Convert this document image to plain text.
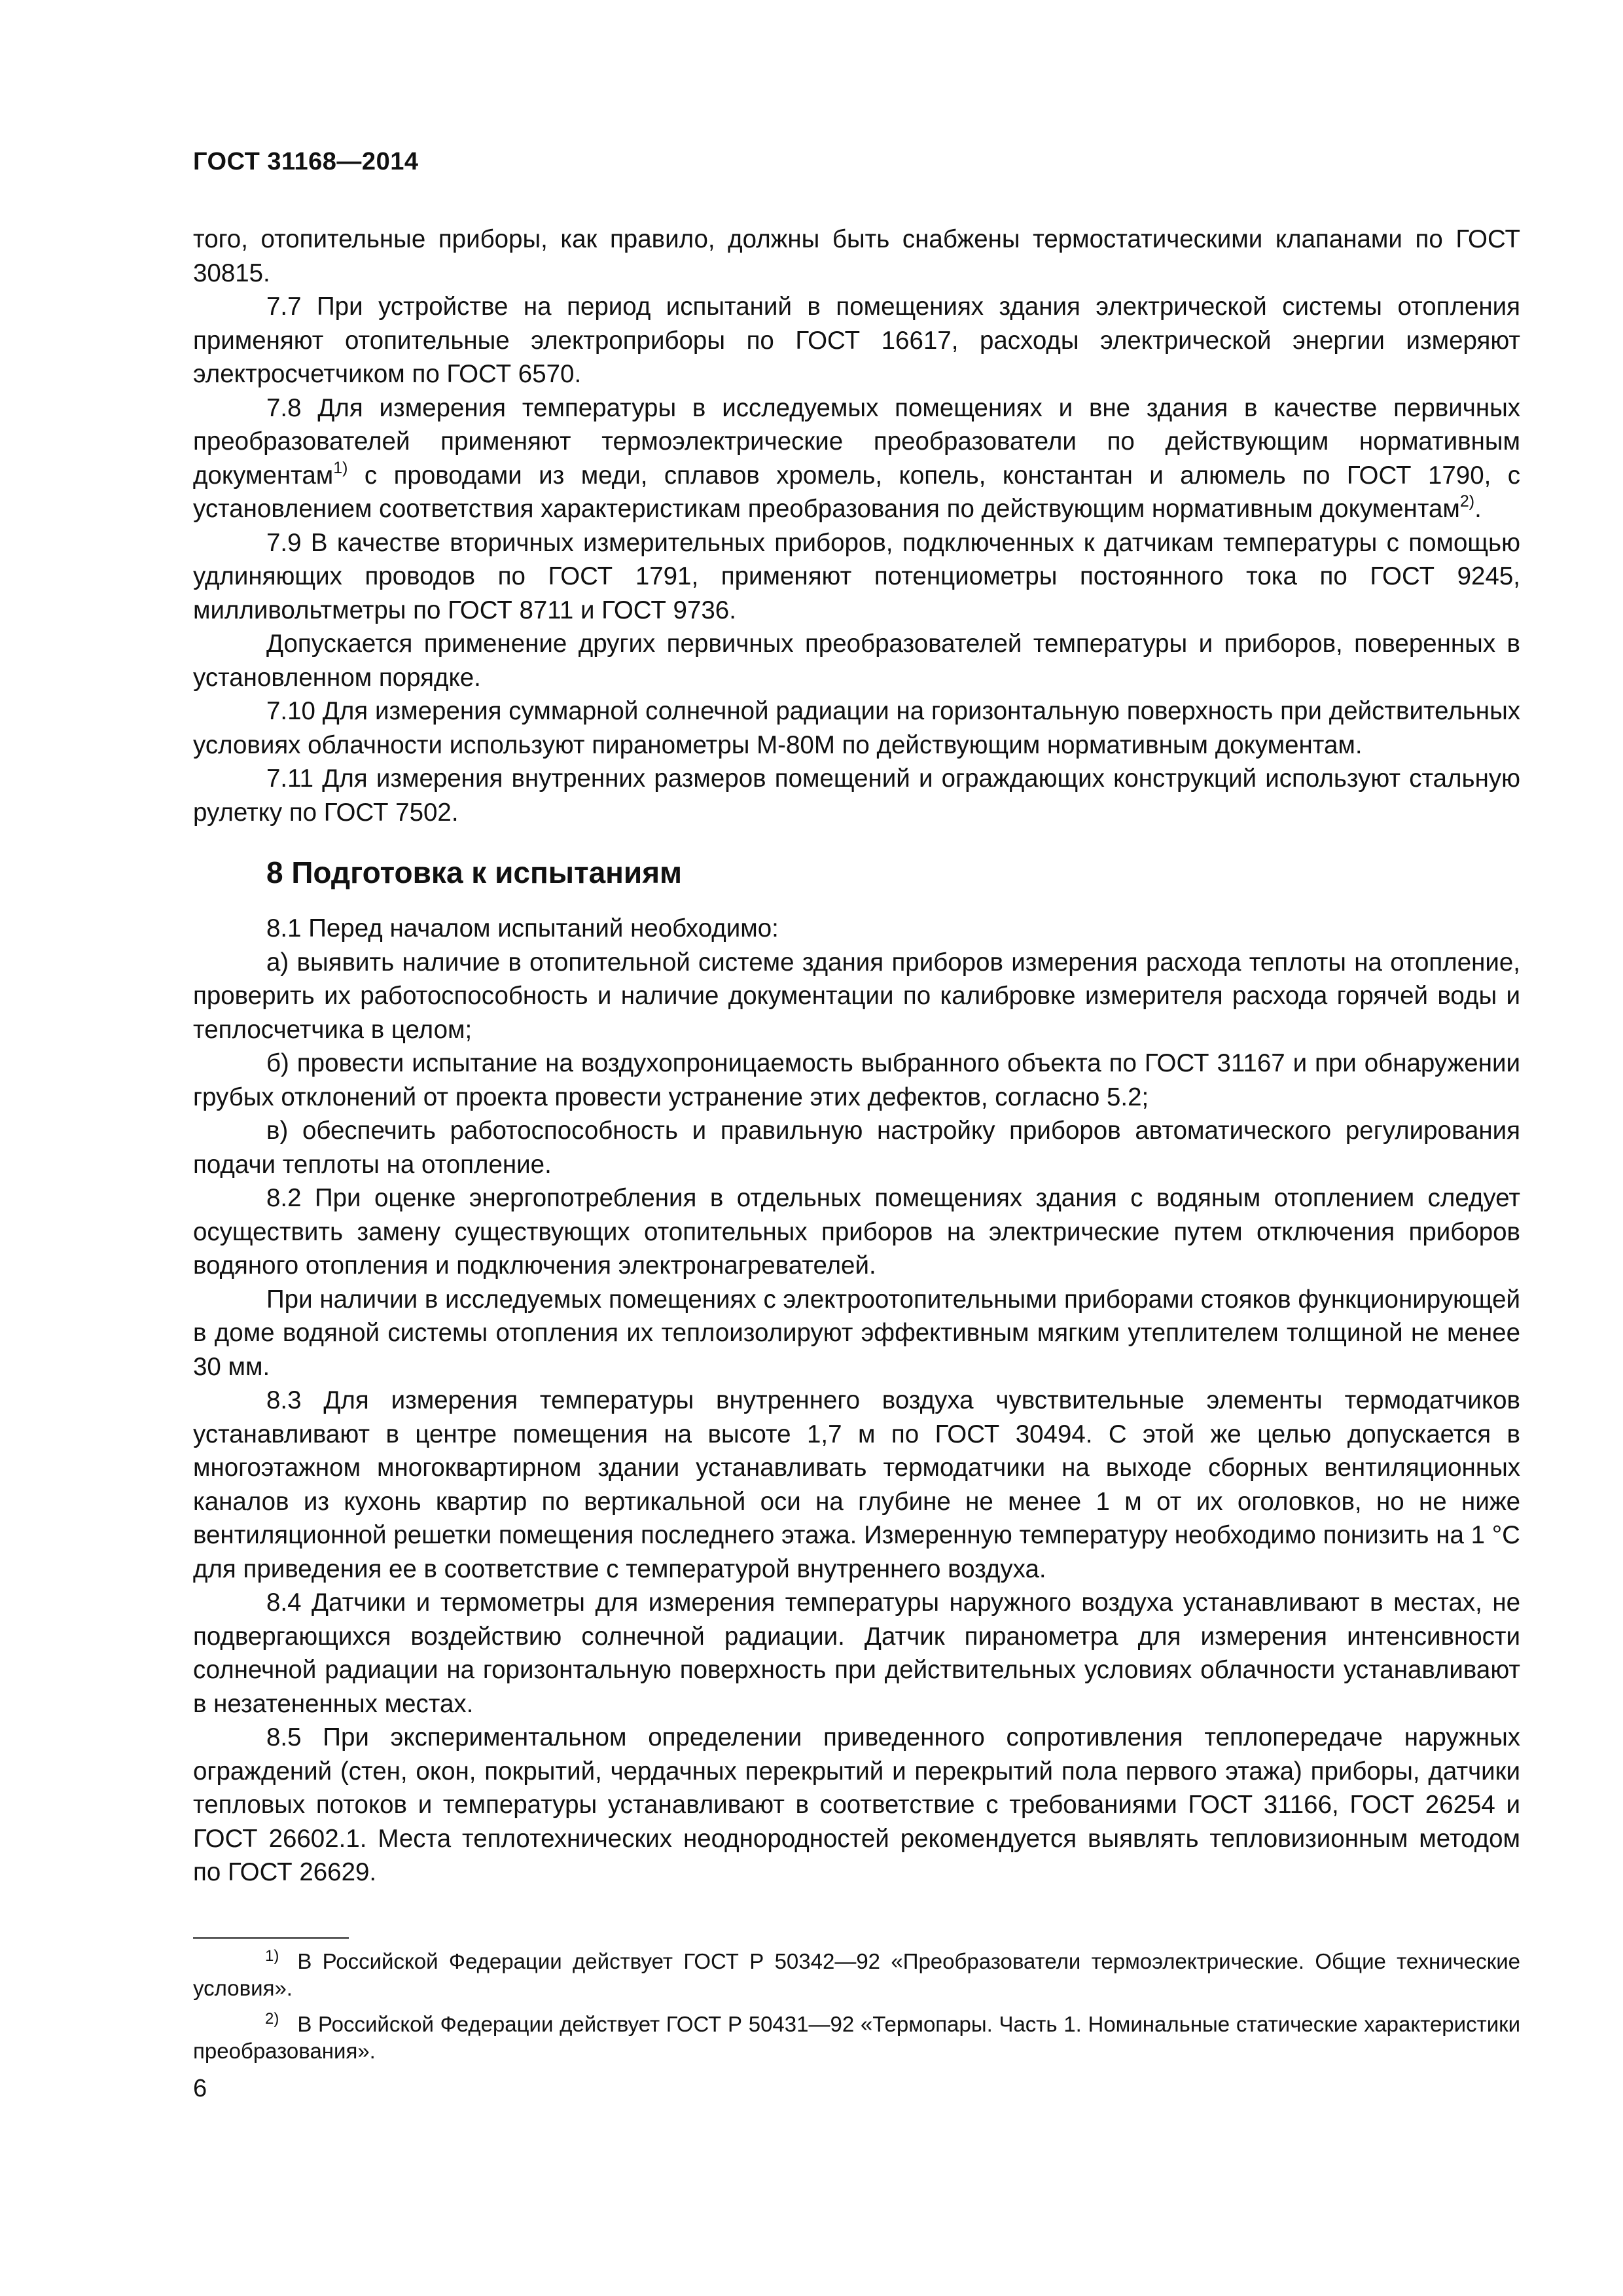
ГОСТ 31168—2014

того, отопительные приборы, как правило, должны быть снабжены термостатическими клапанами по ГОСТ 30815.

7.7 При устройстве на период испытаний в помещениях здания электрической системы отопления применяют отопительные электроприборы по ГОСТ 16617, расходы электрической энергии измеряют электросчетчиком по ГОСТ 6570.

7.8 Для измерения температуры в исследуемых помещениях и вне здания в качестве первичных преобразователей применяют термоэлектрические преобразователи по действующим нормативным документам$^{1)}$ с проводами из меди, сплавов хромель, копель, константан и алюмель по ГОСТ 1790, с установлением соответствия характеристикам преобразования по действующим нормативным документам$^{2)}$.

7.9 В качестве вторичных измерительных приборов, подключенных к датчикам температуры с помощью удлиняющих проводов по ГОСТ 1791, применяют потенциометры постоянного тока по ГОСТ 9245, милливольтметры по ГОСТ 8711 и ГОСТ 9736.

Допускается применение других первичных преобразователей температуры и приборов, поверенных в установленном порядке.

7.10 Для измерения суммарной солнечной радиации на горизонтальную поверхность при действительных условиях облачности используют пиранометры М-80М по действующим нормативным документам.

7.11 Для измерения внутренних размеров помещений и ограждающих конструкций используют стальную рулетку по ГОСТ 7502.

8 Подготовка к испытаниям

8.1 Перед началом испытаний необходимо:

а) выявить наличие в отопительной системе здания приборов измерения расхода теплоты на отопление, проверить их работоспособность и наличие документации по калибровке измерителя расхода горячей воды и теплосчетчика в целом;

б) провести испытание на воздухопроницаемость выбранного объекта по ГОСТ 31167 и при обнаружении грубых отклонений от проекта провести устранение этих дефектов, согласно 5.2;

в) обеспечить работоспособность и правильную настройку приборов автоматического регулирования подачи теплоты на отопление.

8.2 При оценке энергопотребления в отдельных помещениях здания с водяным отоплением следует осуществить замену существующих отопительных приборов на электрические путем отключения приборов водяного отопления и подключения электронагревателей.

При наличии в исследуемых помещениях с электроотопительными приборами стояков функционирующей в доме водяной системы отопления их теплоизолируют эффективным мягким утеплителем толщиной не менее 30 мм.

8.3 Для измерения температуры внутреннего воздуха чувствительные элементы термодатчиков устанавливают в центре помещения на высоте 1,7 м по ГОСТ 30494. С этой же целью допускается в многоэтажном многоквартирном здании устанавливать термодатчики на выходе сборных вентиляционных каналов из кухонь квартир по вертикальной оси на глубине не менее 1 м от их оголовков, но не ниже вентиляционной решетки помещения последнего этажа. Измеренную температуру необходимо понизить на 1 °С для приведения ее в соответствие с температурой внутреннего воздуха.

8.4 Датчики и термометры для измерения температуры наружного воздуха устанавливают в местах, не подвергающихся воздействию солнечной радиации. Датчик пиранометра для измерения интенсивности солнечной радиации на горизонтальную поверхность при действительных условиях облачности устанавливают в незатененных местах.

8.5 При экспериментальном определении приведенного сопротивления теплопередаче наружных ограждений (стен, окон, покрытий, чердачных перекрытий и перекрытий пола первого этажа) приборы, датчики тепловых потоков и температуры устанавливают в соответствие с требованиями ГОСТ 31166, ГОСТ 26254 и ГОСТ 26602.1. Места теплотехнических неоднородностей рекомендуется выявлять тепловизионным методом по ГОСТ 26629.

$^{1)}$ В Российской Федерации действует ГОСТ Р 50342—92 «Преобразователи термоэлектрические. Общие технические условия».

$^{2)}$ В Российской Федерации действует ГОСТ Р 50431—92 «Термопары. Часть 1. Номинальные статические характеристики преобразования».

6
